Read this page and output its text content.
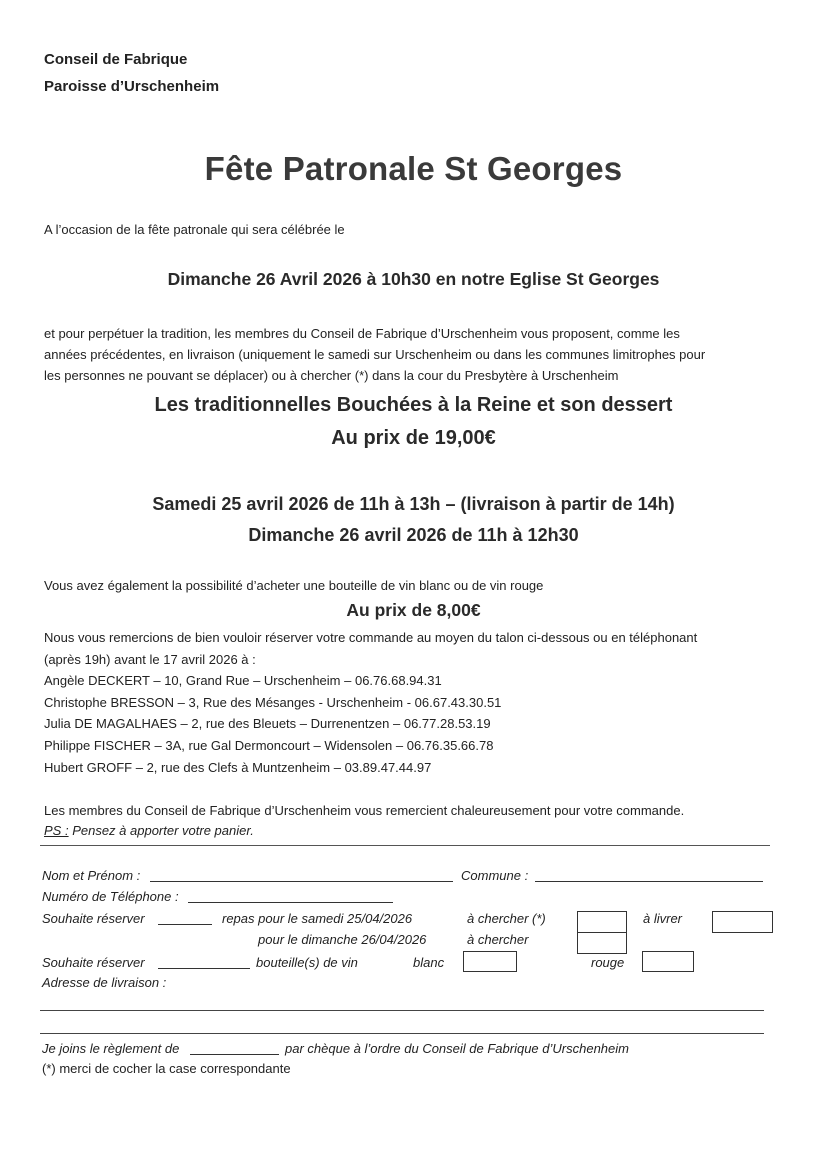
Conseil de Fabrique
Paroisse d’Urschenheim
Fête Patronale St Georges
A l’occasion de la fête patronale qui sera célébrée le
Dimanche 26 Avril 2026 à 10h30 en notre Eglise St Georges
et pour perpétuer la tradition, les membres du Conseil de Fabrique d’Urschenheim vous proposent, comme les
années précédentes, en livraison (uniquement le samedi sur Urschenheim ou dans les communes limitrophes pour
les personnes ne pouvant se déplacer) ou à chercher (*) dans la cour du Presbytère à Urschenheim
Les traditionnelles Bouchées à la Reine et son dessert
Au prix de 19,00€
Samedi 25 avril 2026 de 11h à 13h – (livraison à partir de 14h)
Dimanche 26 avril 2026 de 11h à 12h30
Vous avez également la possibilité d’acheter une bouteille de vin blanc ou de vin rouge
Au prix de 8,00€
Nous vous remercions de bien vouloir réserver votre commande au moyen du talon ci-dessous ou en téléphonant
(après 19h) avant le 17 avril 2026 à :
Angèle DECKERT – 10, Grand Rue – Urschenheim – 06.76.68.94.31
Christophe BRESSON – 3, Rue des Mésanges - Urschenheim - 06.67.43.30.51
Julia DE MAGALHAES – 2, rue des Bleuets – Durrenentzen – 06.77.28.53.19
Philippe FISCHER – 3A, rue Gal Dermoncourt – Widensolen – 06.76.35.66.78
Hubert GROFF – 2, rue des Clefs à Muntzenheim – 03.89.47.44.97
Les membres du Conseil de Fabrique d’Urschenheim vous remercient chaleureusement pour votre commande.
PS : Pensez à apporter votre panier.
Nom et Prénom :	Commune :
Numéro de Téléphone :
Souhaite réserver	repas pour le samedi 25/04/2026	à chercher (*)	à livrer
pour le dimanche 26/04/2026	à chercher
Souhaite réserver	bouteille(s) de vin	blanc	rouge
Adresse de livraison :
Je joins le règlement de	par chèque à l’ordre du Conseil de Fabrique d’Urschenheim
(*) merci de cocher la case correspondante
